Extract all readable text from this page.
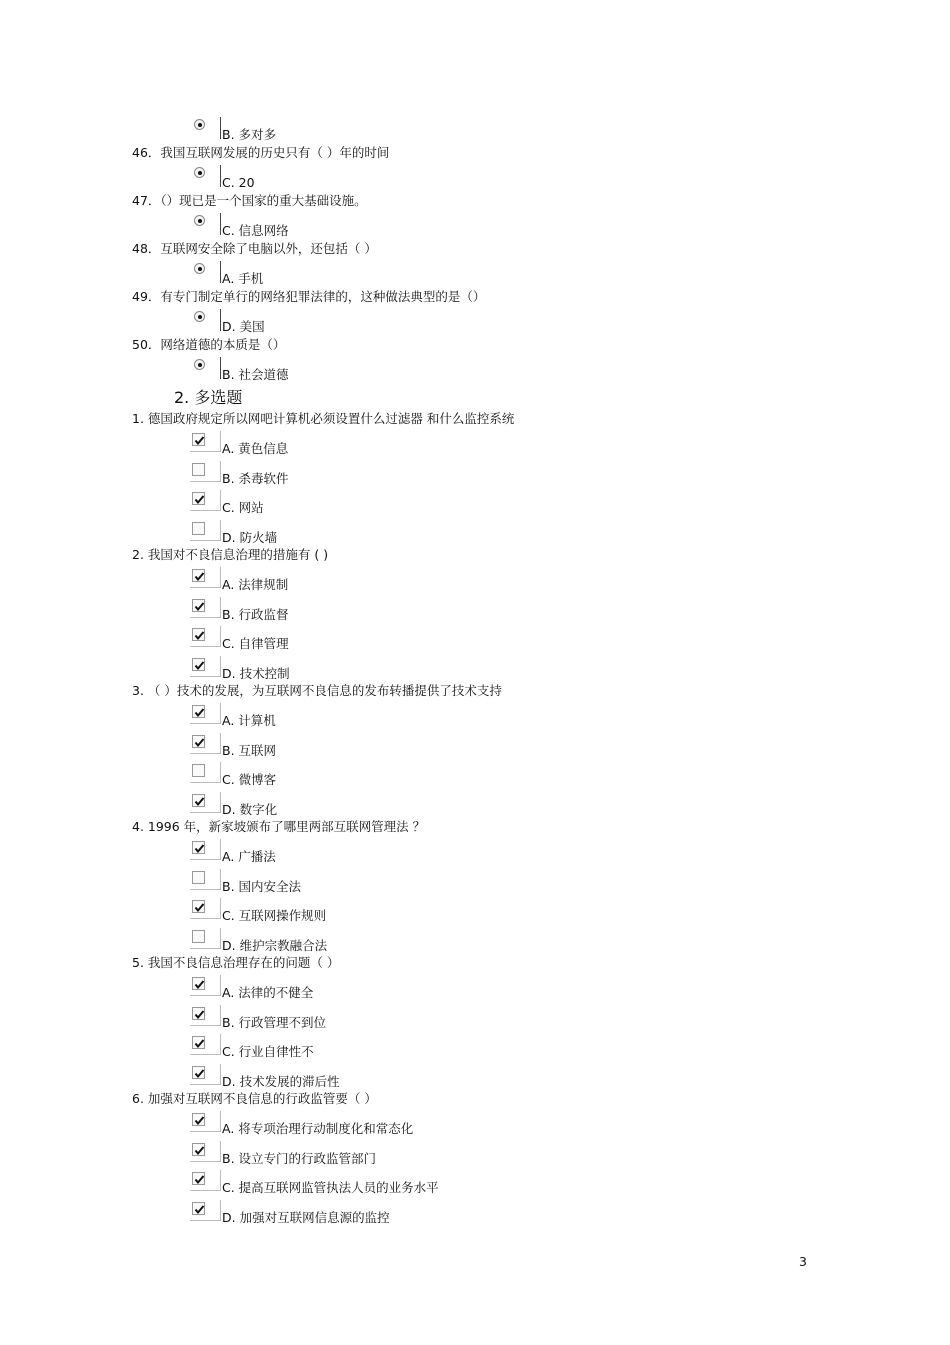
B. 多对多
46．我国互联网发展的历史只有（ ）年的时间
C. 20
47．（）现已是一个国家的重大基础设施。
C. 信息网络
48．互联网安全除了电脑以外，还包括（ ）
A. 手机
49．有专门制定单行的网络犯罪法律的，这种做法典型的是（）
D. 美国
50．网络道德的本质是（）
B. 社会道德
2. 多选题
1. 德国政府规定所以网吧计算机必须设置什么过滤器 和什么监控系统
A. 黄色信息
B. 杀毒软件
C. 网站
D. 防火墙
2. 我国对不良信息治理的措施有 ( )
A. 法律规制
B. 行政监督
C. 自律管理
D. 技术控制
3. （ ）技术的发展，为互联网不良信息的发布转播提供了技术支持
A. 计算机
B. 互联网
C. 微博客
D. 数字化
4. 1996 年，新家坡颁布了哪里两部互联网管理法 ？
A. 广播法
B. 国内安全法
C. 互联网操作规则
D. 维护宗教融合法
5. 我国不良信息治理存在的问题（ ）
A. 法律的不健全
B. 行政管理不到位
C. 行业自律性不
D. 技术发展的滞后性
6. 加强对互联网不良信息的行政监管要（ ）
A. 将专项治理行动制度化和常态化
B. 设立专门的行政监管部门
C. 提高互联网监管执法人员的业务水平
D. 加强对互联网信息源的监控
3
